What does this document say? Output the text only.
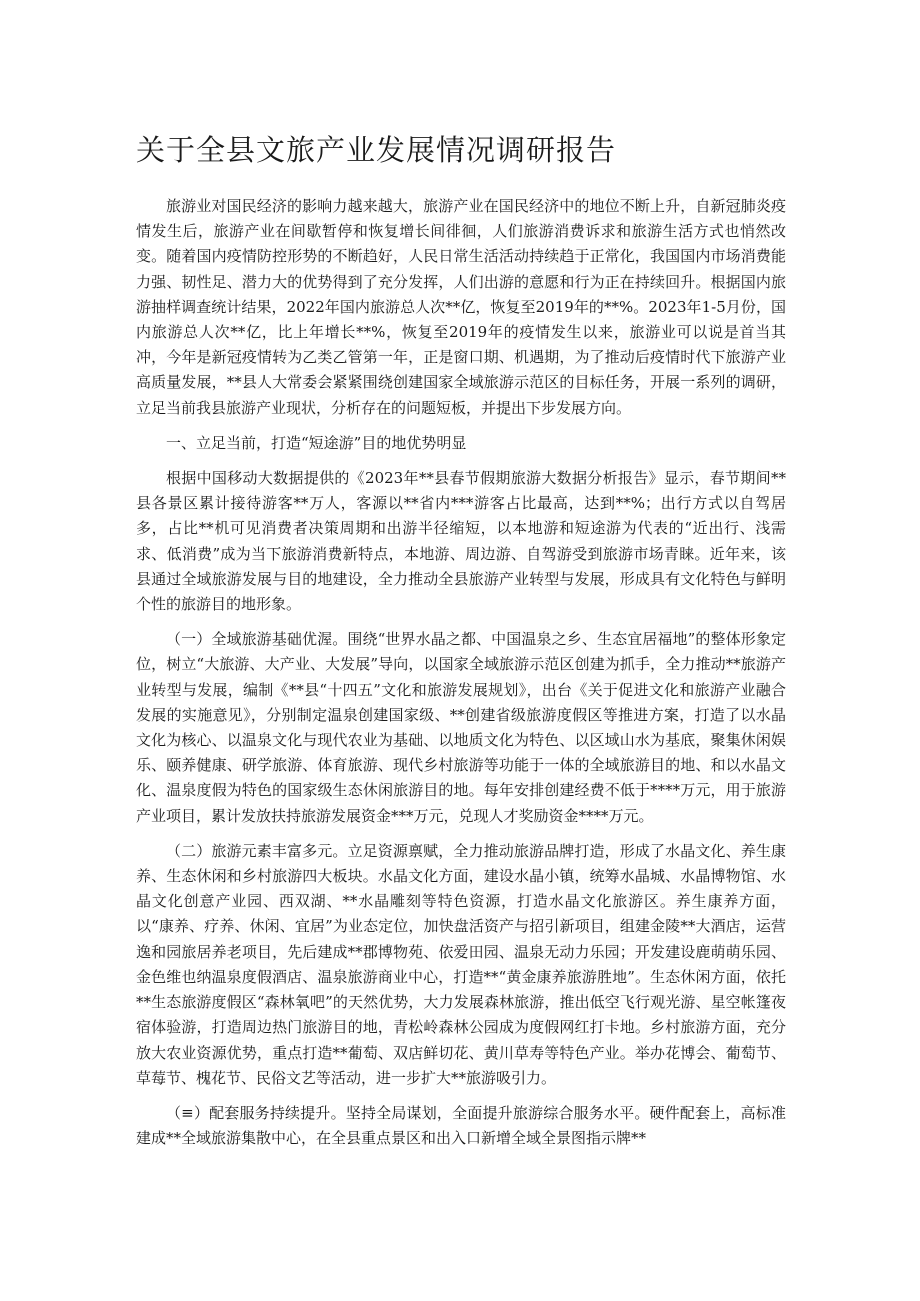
关于全县文旅产业发展情况调研报告

旅游业对国民经济的影响力越来越大，旅游产业在国民经济中的地位不断上升，自新冠肺炎疫情发生后，旅游产业在间歇暂停和恢复增长间徘徊，人们旅游消费诉求和旅游生活方式也悄然改变。随着国内疫情防控形势的不断趋好，人民日常生活活动持续趋于正常化，我国国内市场消费能力强、韧性足、潜力大的优势得到了充分发挥，人们出游的意愿和行为正在持续回升。根据国内旅游抽样调查统计结果，2022年国内旅游总人次**亿，恢复至2019年的**%。2023年1-5月份，国内旅游总人次**亿，比上年增长**%，恢复至2019年的疫情发生以来，旅游业可以说是首当其冲，今年是新冠疫情转为乙类乙管第一年，正是窗口期、机遇期，为了推动后疫情时代下旅游产业高质量发展，**县人大常委会紧紧围绕创建国家全域旅游示范区的目标任务，开展一系列的调研，立足当前我县旅游产业现状，分析存在的问题短板，并提出下步发展方向。

一、立足当前，打造“短途游”目的地优势明显

根据中国移动大数据提供的《2023年**县春节假期旅游大数据分析报告》显示，春节期间**县各景区累计接待游客**万人，客源以**省内***游客占比最高，达到**%；出行方式以自驾居多，占比**机可见消费者决策周期和出游半径缩短，以本地游和短途游为代表的“近出行、浅需求、低消费”成为当下旅游消费新特点，本地游、周边游、自驾游受到旅游市场青睐。近年来，该县通过全域旅游发展与目的地建设，全力推动全县旅游产业转型与发展，形成具有文化特色与鲜明个性的旅游目的地形象。

（一）全域旅游基础优渥。围绕“世界水晶之都、中国温泉之乡、生态宜居福地”的整体形象定位，树立“大旅游、大产业、大发展”导向，以国家全域旅游示范区创建为抓手，全力推动**旅游产业转型与发展，编制《**县“十四五”文化和旅游发展规划》，出台《关于促进文化和旅游产业融合发展的实施意见》，分别制定温泉创建国家级、**创建省级旅游度假区等推进方案，打造了以水晶文化为核心、以温泉文化与现代农业为基础、以地质文化为特色、以区域山水为基底，聚集休闲娱乐、颐养健康、研学旅游、体育旅游、现代乡村旅游等功能于一体的全域旅游目的地、和以水晶文化、温泉度假为特色的国家级生态休闲旅游目的地。每年安排创建经费不低于****万元，用于旅游产业项目，累计发放扶持旅游发展资金***万元，兑现人才奖励资金****万元。

（二）旅游元素丰富多元。立足资源禀赋，全力推动旅游品牌打造，形成了水晶文化、养生康养、生态休闲和乡村旅游四大板块。水晶文化方面，建设水晶小镇，统筹水晶城、水晶博物馆、水晶文化创意产业园、西双湖、**水晶雕刻等特色资源，打造水晶文化旅游区。养生康养方面，以“康养、疗养、休闲、宜居”为业态定位，加快盘活资产与招引新项目，组建金陵**大酒店，运营逸和园旅居养老项目，先后建成**郡博物苑、依爱田园、温泉无动力乐园；开发建设鹿萌萌乐园、金色维也纳温泉度假酒店、温泉旅游商业中心，打造**“黄金康养旅游胜地”。生态休闲方面，依托**生态旅游度假区“森林氧吧”的天然优势，大力发展森林旅游，推出低空飞行观光游、星空帐篷夜宿体验游，打造周边热门旅游目的地，青松岭森林公园成为度假网红打卡地。乡村旅游方面，充分放大农业资源优势，重点打造**葡萄、双店鲜切花、黄川草寿等特色产业。举办花博会、葡萄节、草莓节、槐花节、民俗文艺等活动，进一步扩大**旅游吸引力。

（≡）配套服务持续提升。坚持全局谋划，全面提升旅游综合服务水平。硬件配套上，高标准建成**全域旅游集散中心，在全县重点景区和出入口新增全域全景图指示牌**
